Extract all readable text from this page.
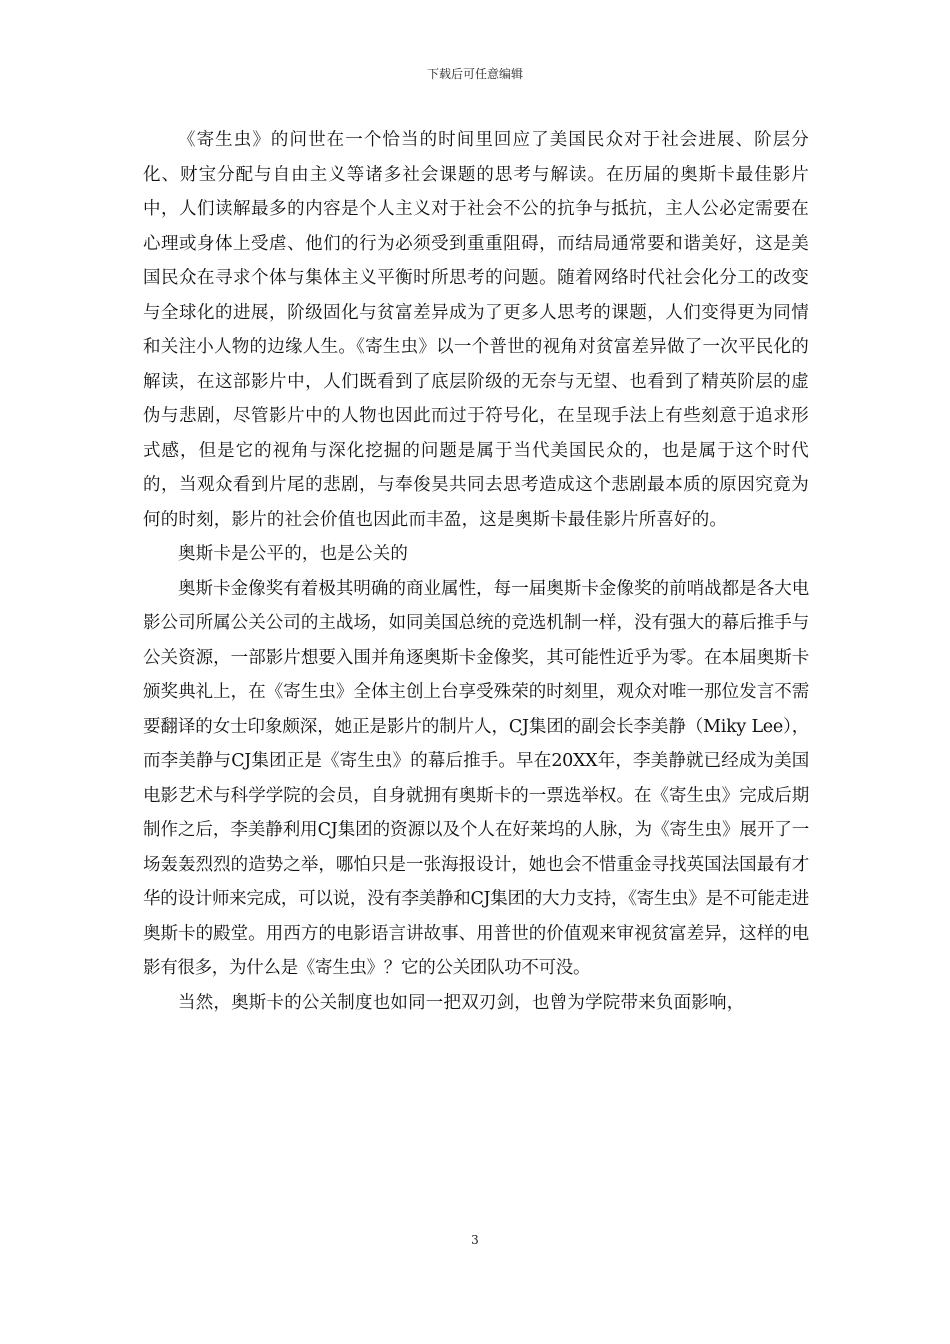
下载后可任意编辑

《寄生虫》的问世在一个恰当的时间里回应了美国民众对于社会进展、阶层分化、财宝分配与自由主义等诸多社会课题的思考与解读。在历届的奥斯卡最佳影片中，人们读解最多的内容是个人主义对于社会不公的抗争与抵抗，主人公必定需要在心理或身体上受虐、他们的行为必须受到重重阻碍，而结局通常要和谐美好，这是美国民众在寻求个体与集体主义平衡时所思考的问题。随着网络时代社会化分工的改变与全球化的进展，阶级固化与贫富差异成为了更多人思考的课题，人们变得更为同情和关注小人物的边缘人生。《寄生虫》以一个普世的视角对贫富差异做了一次平民化的解读，在这部影片中，人们既看到了底层阶级的无奈与无望、也看到了精英阶层的虚伪与悲剧，尽管影片中的人物也因此而过于符号化，在呈现手法上有些刻意于追求形式感，但是它的视角与深化挖掘的问题是属于当代美国民众的，也是属于这个时代的，当观众看到片尾的悲剧，与奉俊昊共同去思考造成这个悲剧最本质的原因究竟为何的时刻，影片的社会价值也因此而丰盈，这是奥斯卡最佳影片所喜好的。

奥斯卡是公平的，也是公关的

奥斯卡金像奖有着极其明确的商业属性，每一届奥斯卡金像奖的前哨战都是各大电影公司所属公关公司的主战场，如同美国总统的竞选机制一样，没有强大的幕后推手与公关资源，一部影片想要入围并角逐奥斯卡金像奖，其可能性近乎为零。在本届奥斯卡颁奖典礼上，在《寄生虫》全体主创上台享受殊荣的时刻里，观众对唯一那位发言不需要翻译的女士印象颇深，她正是影片的制片人，CJ集团的副会长李美静（Miky Lee），而李美静与CJ集团正是《寄生虫》的幕后推手。早在20XX年，李美静就已经成为美国电影艺术与科学学院的会员，自身就拥有奥斯卡的一票选举权。在《寄生虫》完成后期制作之后，李美静利用CJ集团的资源以及个人在好莱坞的人脉，为《寄生虫》展开了一场轰轰烈烈的造势之举，哪怕只是一张海报设计，她也会不惜重金寻找英国法国最有才华的设计师来完成，可以说，没有李美静和CJ集团的大力支持，《寄生虫》是不可能走进奥斯卡的殿堂。用西方的电影语言讲故事、用普世的价值观来审视贫富差异，这样的电影有很多，为什么是《寄生虫》？它的公关团队功不可没。

当然，奥斯卡的公关制度也如同一把双刃剑，也曾为学院带来负面影响，

3
